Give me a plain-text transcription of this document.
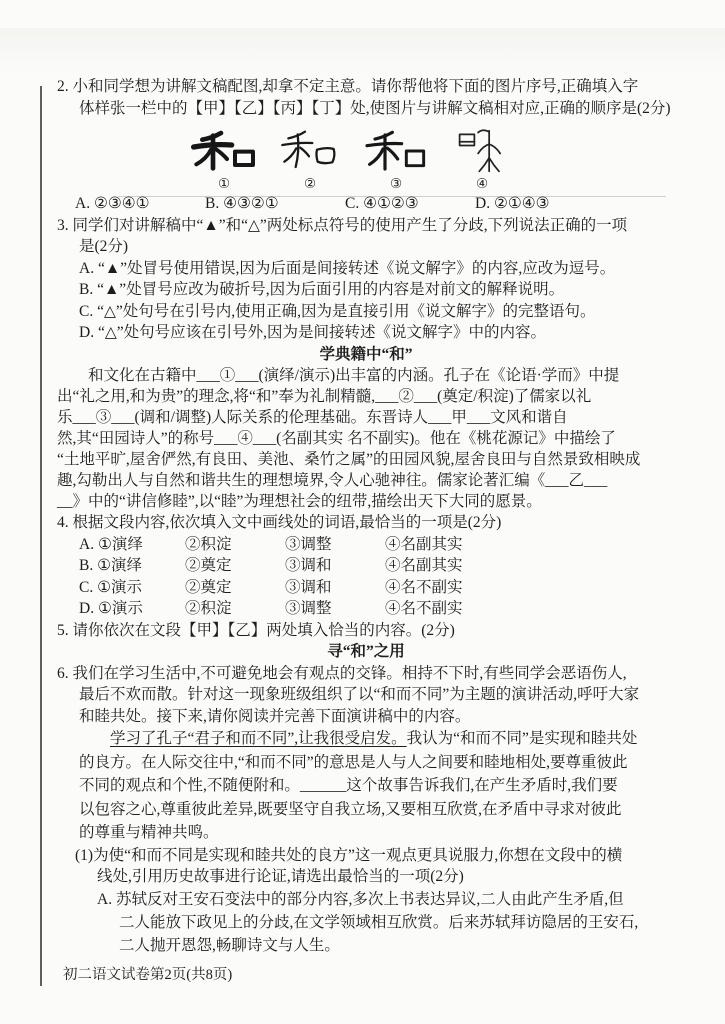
2. 小和同学想为讲解文稿配图,却拿不定主意。请你帮他将下面的图片序号,正确填入字
体样张一栏中的【甲】【乙】【丙】【丁】处,使图片与讲解文稿相对应,正确的顺序是(2分)
①	②	③	④
A. ②③④①	B. ④③②①	C. ④①②③	D. ②①④③
3. 同学们对讲解稿中“▲”和“△”两处标点符号的使用产生了分歧,下列说法正确的一项
是(2分)
A. “▲”处冒号使用错误,因为后面是间接转述《说文解字》的内容,应改为逗号。
B. “▲”处冒号应改为破折号,因为后面引用的内容是对前文的解释说明。
C. “△”处句号在引号内,使用正确,因为是直接引用《说文解字》的完整语句。
D. “△”处句号应该在引号外,因为是间接转述《说文解字》中的内容。
学典籍中“和”
和文化在古籍中___①___(演绎/演示)出丰富的内涵。孔子在《论语·学而》中提
出“礼之用,和为贵”的理念,将“和”奉为礼制精髓,___②___(奠定/积淀)了儒家以礼
乐___③___(调和/调整)人际关系的伦理基础。东晋诗人___甲___文风和谐自
然,其“田园诗人”的称号___④___(名副其实 名不副实)。他在《桃花源记》中描绘了
“土地平旷,屋舍俨然,有良田、美池、桑竹之属”的田园风貌,屋舍良田与自然景致相映成
趣,勾勒出人与自然和谐共生的理想境界,令人心驰神往。儒家论著汇编《___乙___
__》中的“讲信修睦”,以“睦”为理想社会的纽带,描绘出天下大同的愿景。
4. 根据文段内容,依次填入文中画线处的词语,最恰当的一项是(2分)
A. ①演绎	②积淀	③调整	④名副其实
B. ①演绎	②奠定	③调和	④名副其实
C. ①演示	②奠定	③调和	④名不副实
D. ①演示	②积淀	③调整	④名不副实
5. 请你依次在文段【甲】【乙】两处填入恰当的内容。(2分)
寻“和”之用
6. 我们在学习生活中,不可避免地会有观点的交锋。相持不下时,有些同学会恶语伤人,
最后不欢而散。针对这一现象班级组织了以“和而不同”为主题的演讲活动,呼吁大家
和睦共处。接下来,请你阅读并完善下面演讲稿中的内容。
学习了孔子“君子和而不同”,让我很受启发。我认为“和而不同”是实现和睦共处
的良方。在人际交往中,“和而不同”的意思是人与人之间要和睦地相处,要尊重彼此
不同的观点和个性,不随便附和。______这个故事告诉我们,在产生矛盾时,我们要
以包容之心,尊重彼此差异,既要坚守自我立场,又要相互欣赏,在矛盾中寻求对彼此
的尊重与精神共鸣。
(1)为使“和而不同是实现和睦共处的良方”这一观点更具说服力,你想在文段中的横
线处,引用历史故事进行论证,请选出最恰当的一项(2分)
A. 苏轼反对王安石变法中的部分内容,多次上书表达异议,二人由此产生矛盾,但
二人能放下政见上的分歧,在文学领域相互欣赏。后来苏轼拜访隐居的王安石,
二人抛开恩怨,畅聊诗文与人生。
初二语文试卷第2页(共8页)
